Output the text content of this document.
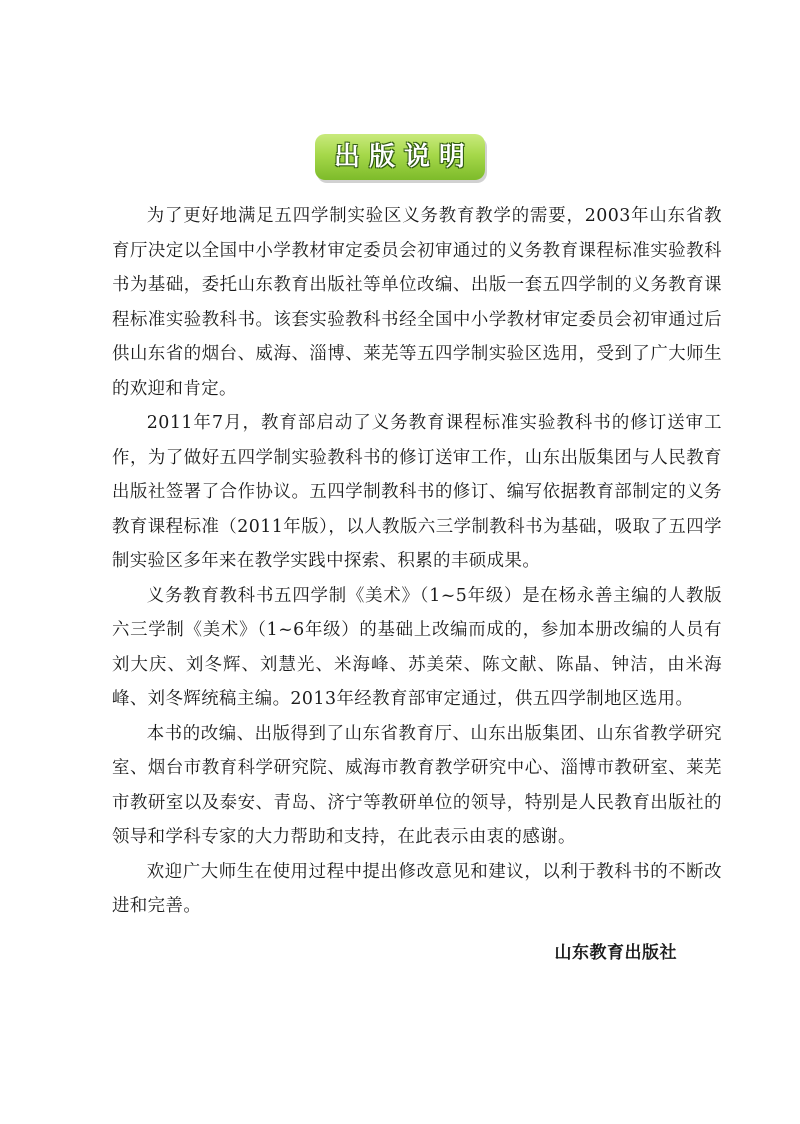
出版说明

为了更好地满足五四学制实验区义务教育教学的需要，2003年山东省教育厅决定以全国中小学教材审定委员会初审通过的义务教育课程标准实验教科书为基础，委托山东教育出版社等单位改编、出版一套五四学制的义务教育课程标准实验教科书。该套实验教科书经全国中小学教材审定委员会初审通过后供山东省的烟台、威海、淄博、莱芜等五四学制实验区选用，受到了广大师生的欢迎和肯定。

2011年7月，教育部启动了义务教育课程标准实验教科书的修订送审工作，为了做好五四学制实验教科书的修订送审工作，山东出版集团与人民教育出版社签署了合作协议。五四学制教科书的修订、编写依据教育部制定的义务教育课程标准（2011年版），以人教版六三学制教科书为基础，吸取了五四学制实验区多年来在教学实践中探索、积累的丰硕成果。

义务教育教科书五四学制《美术》（1~5年级）是在杨永善主编的人教版六三学制《美术》（1~6年级）的基础上改编而成的，参加本册改编的人员有刘大庆、刘冬辉、刘慧光、米海峰、苏美荣、陈文献、陈晶、钟洁，由米海峰、刘冬辉统稿主编。2013年经教育部审定通过，供五四学制地区选用。

本书的改编、出版得到了山东省教育厅、山东出版集团、山东省教学研究室、烟台市教育科学研究院、威海市教育教学研究中心、淄博市教研室、莱芜市教研室以及泰安、青岛、济宁等教研单位的领导，特别是人民教育出版社的领导和学科专家的大力帮助和支持，在此表示由衷的感谢。

欢迎广大师生在使用过程中提出修改意见和建议，以利于教科书的不断改进和完善。

山东教育出版社
